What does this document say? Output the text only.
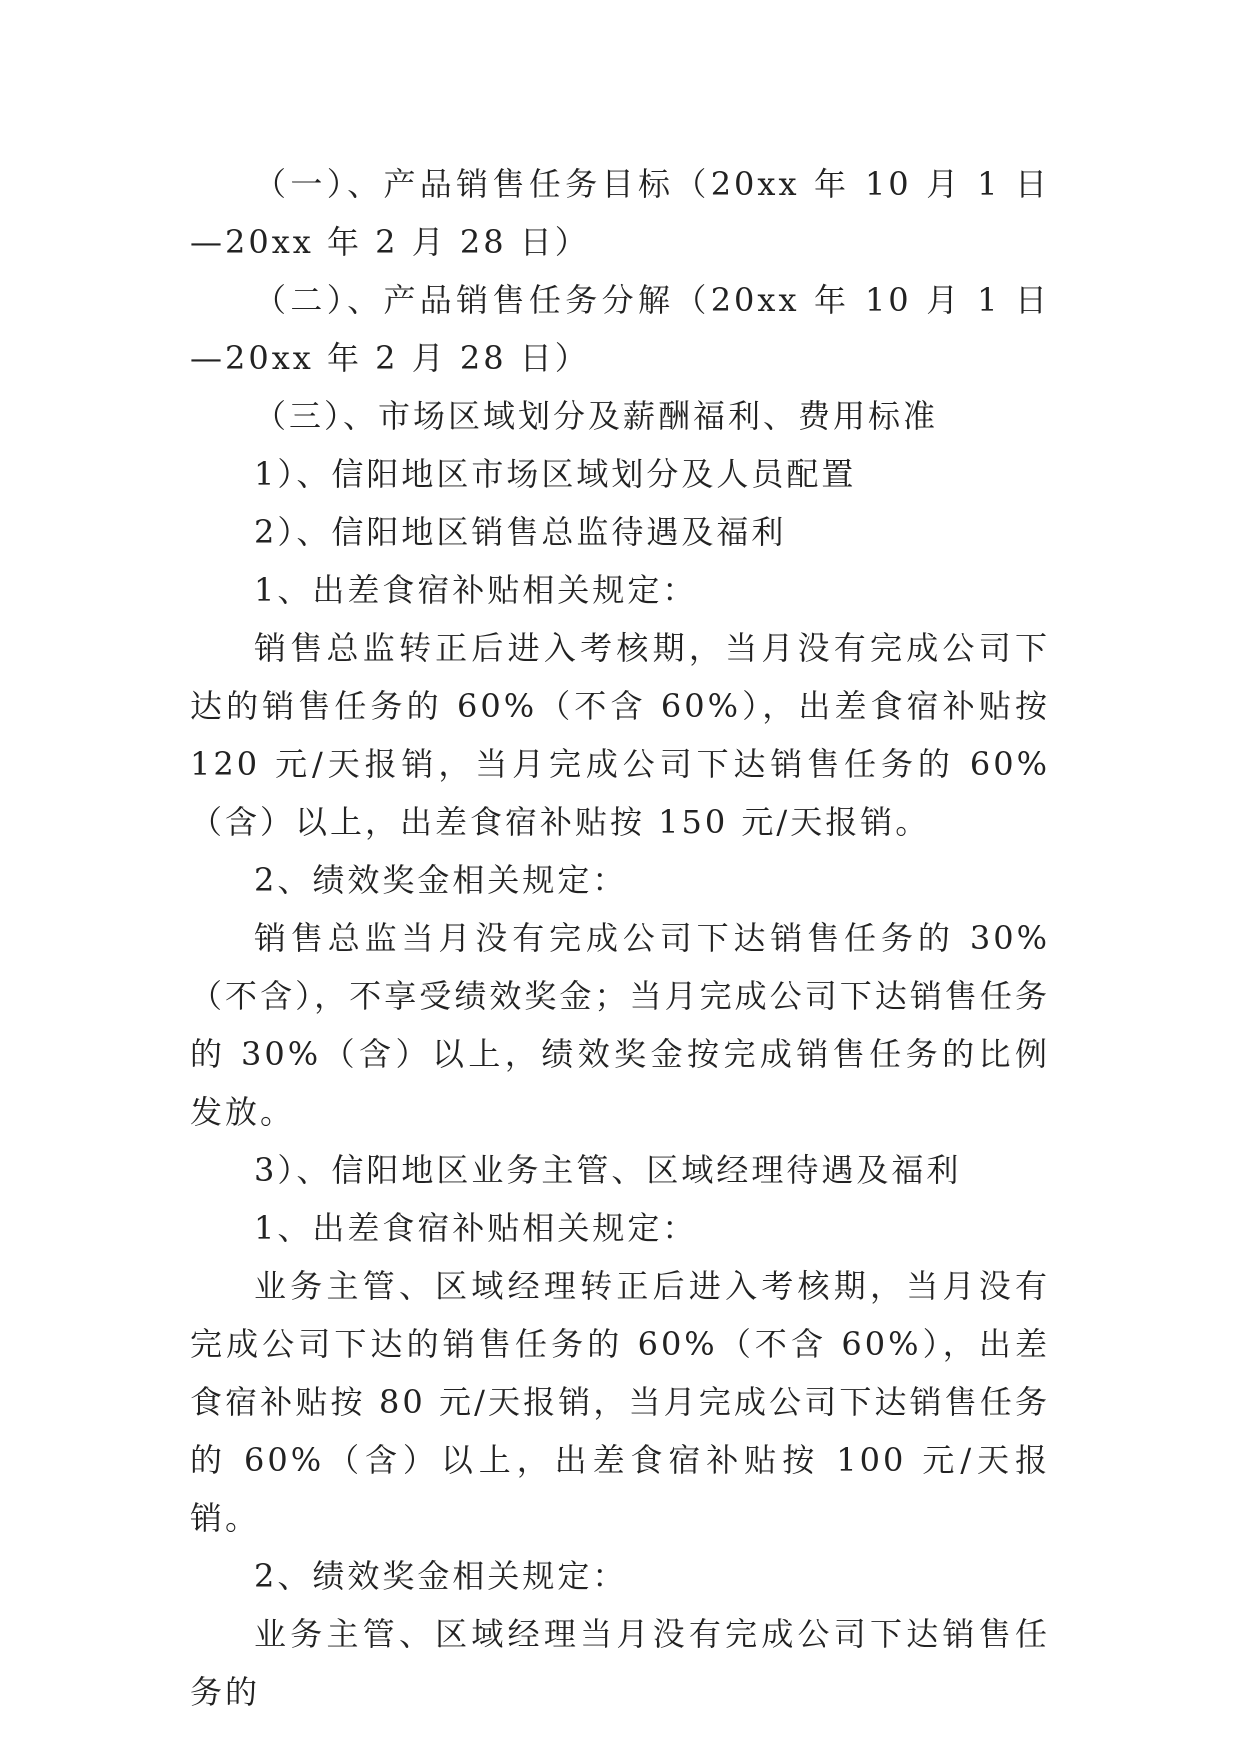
（一）、产品销售任务目标（20xx 年 10 月 1 日—20xx 年 2 月 28 日）

（二）、产品销售任务分解（20xx 年 10 月 1 日—20xx 年 2 月 28 日）

（三）、市场区域划分及薪酬福利、费用标准

1）、信阳地区市场区域划分及人员配置

2）、信阳地区销售总监待遇及福利

1、出差食宿补贴相关规定：

销售总监转正后进入考核期，当月没有完成公司下达的销售任务的 60%（不含 60%），出差食宿补贴按 120 元/天报销，当月完成公司下达销售任务的 60%（含）以上，出差食宿补贴按 150 元/天报销。

2、绩效奖金相关规定：

销售总监当月没有完成公司下达销售任务的 30%（不含），不享受绩效奖金；当月完成公司下达销售任务的 30%（含）以上，绩效奖金按完成销售任务的比例发放。

3）、信阳地区业务主管、区域经理待遇及福利

1、出差食宿补贴相关规定：

业务主管、区域经理转正后进入考核期，当月没有完成公司下达的销售任务的 60%（不含 60%），出差食宿补贴按 80 元/天报销，当月完成公司下达销售任务的 60%（含）以上，出差食宿补贴按 100 元/天报销。

2、绩效奖金相关规定：

业务主管、区域经理当月没有完成公司下达销售任务的
